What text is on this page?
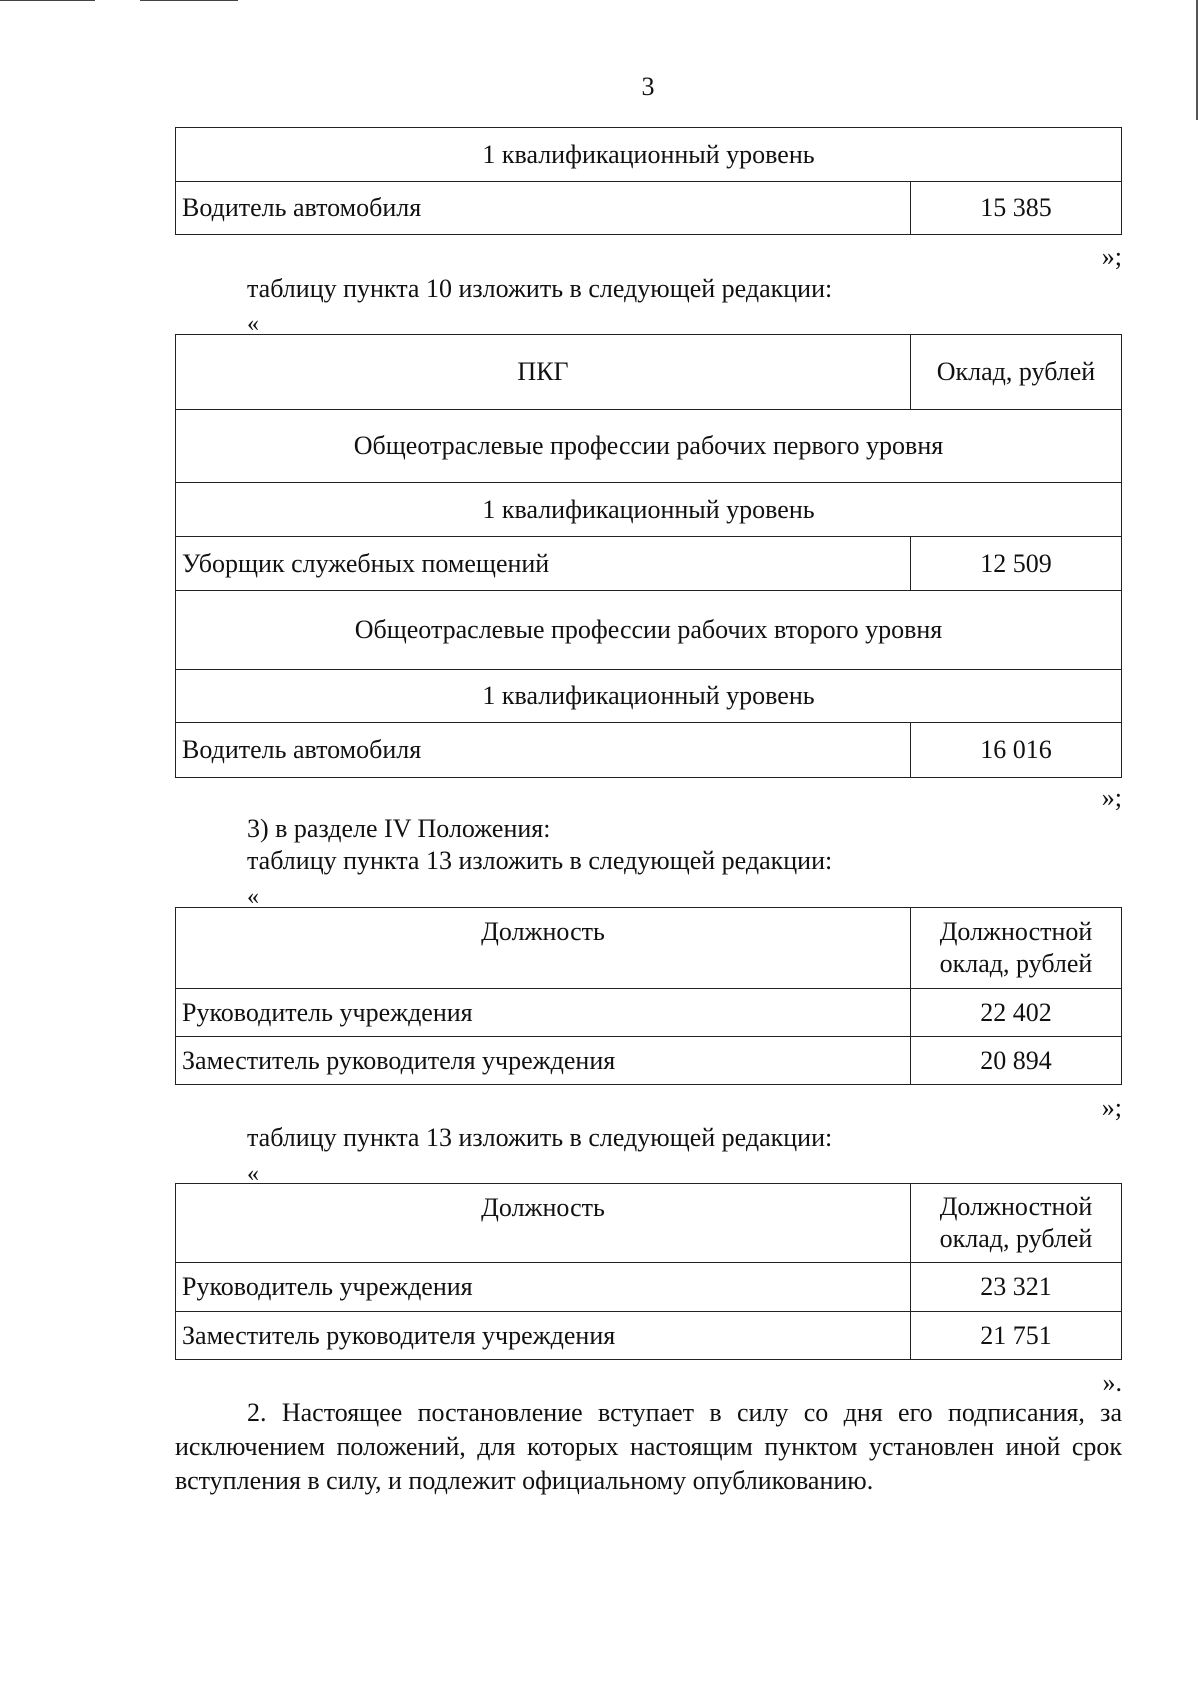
3
1 квалификационный уровень
Водитель автомобиля	15 385
»;
таблицу пункта 10 изложить в следующей редакции:
«
ПКГ	Оклад, рублей
Общеотраслевые профессии рабочих первого уровня	
1 квалификационный уровень	
Уборщик служебных помещений	12 509
Общеотраслевые профессии рабочих второго уровня	
1 квалификационный уровень	
Водитель автомобиля	16 016
»;
3) в разделе IV Положения:
таблицу пункта 13 изложить в следующей редакции:
«
Должность	Должностной
оклад, рублей

Руководитель учреждения	22 402
Заместитель руководителя учреждения	20 894
»;
таблицу пункта 13 изложить в следующей редакции:
«
Должность	Должностной
оклад, рублей

Руководитель учреждения	23 321
Заместитель руководителя учреждения	21 751
».
2. Настоящее постановление вступает в силу со дня его подписания, за исключением положений, для которых настоящим пунктом установлен иной срок вступления в силу, и подлежит официальному опубликованию.
